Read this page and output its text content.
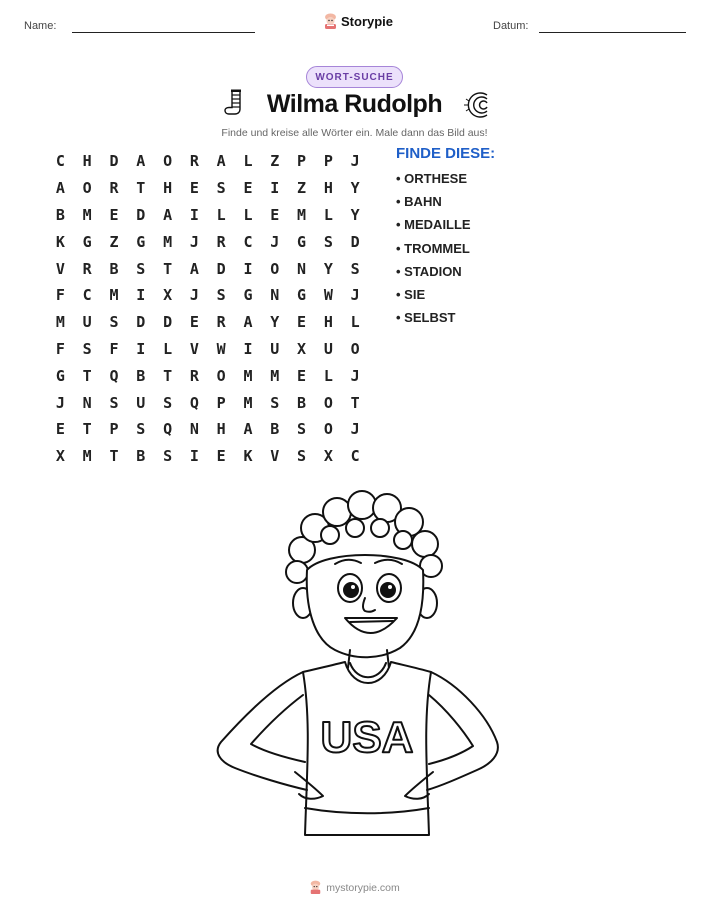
Name:	Storypie	Datum:
WORT-SUCHE
Wilma Rudolph
Finde und kreise alle Wörter ein. Male dann das Bild aus!
C	H	D	A	O	R	A	L	Z	P	P	J
A	O	R	T	H	E	S	E	I	Z	H	Y
B	M	E	D	A	I	L	L	E	M	L	Y
K	G	Z	G	M	J	R	C	J	G	S	D
V	R	B	S	T	A	D	I	O	N	Y	S
F	C	M	I	X	J	S	G	N	G	W	J
M	U	S	D	D	E	R	A	Y	E	H	L
F	S	F	I	L	V	W	I	U	X	U	O
G	T	Q	B	T	R	O	M	M	E	L	J
J	N	S	U	S	Q	P	M	S	B	O	T
E	T	P	S	Q	N	H	A	B	S	O	J
X	M	T	B	S	I	E	K	V	S	X	C
FINDE DIESE:
• ORTHESE
• BAHN
• MEDAILLE
• TROMMEL
• STADION
• SIE
• SELBST
USA
mystorypie.com
